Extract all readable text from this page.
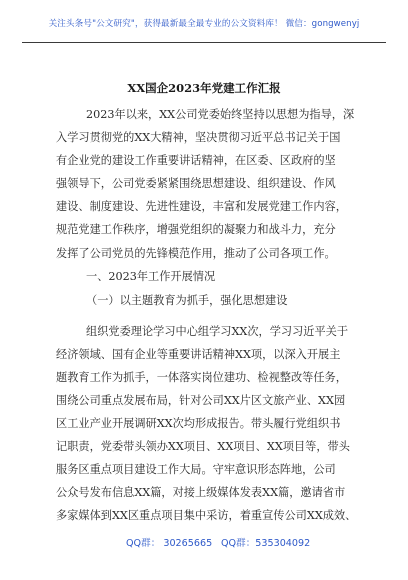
关注头条号"公文研究"，获得最新最全最专业的公文资料库！ 微信：gongwenyj
XX国企2023年党建工作汇报
2023年以来，XX公司党委始终坚持以思想为指导，深
入学习贯彻党的XX大精神，坚决贯彻习近平总书记关于国
有企业党的建设工作重要讲话精神，在区委、区政府的坚
强领导下，公司党委紧紧围绕思想建设、组织建设、作风
建设、制度建设、先进性建设，丰富和发展党建工作内容，
规范党建工作秩序，增强党组织的凝聚力和战斗力，充分
发挥了公司党员的先锋模范作用，推动了公司各项工作。
一、2023年工作开展情况
（一）以主题教育为抓手，强化思想建设
组织党委理论学习中心组学习XX次，学习习近平关于
经济领域、国有企业等重要讲话精神XX项，以深入开展主
题教育工作为抓手，一体落实岗位建功、检视整改等任务，
围绕公司重点发展布局，针对公司XX片区文旅产业、XX园
区工业产业开展调研XX次均形成报告。带头履行党组织书
记职责，党委带头领办XX项目、XX项目、XX项目等，带头
服务区重点项目建设工作大局。守牢意识形态阵地，公司
公众号发布信息XX篇，对接上级媒体发表XX篇，邀请省市
多家媒体到XX区重点项目集中采访，着重宣传公司XX成效、
QQ群： 30265665 QQ群：535304092
